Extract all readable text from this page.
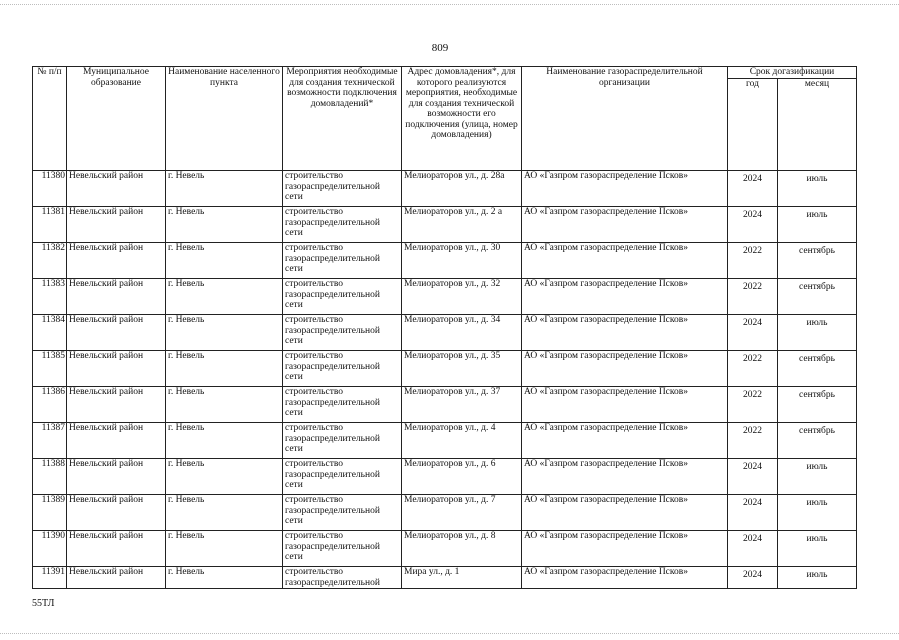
809
№ п/п	Муниципальное образование	Наименование населенного пункта	Мероприятия необходимые для создания технической возможности подключения домовладений*	Адрес домовладения*, для которого реализуются мероприятия, необходимые для создания технической возможности его подключения (улица, номер домовладения)	Наименование газораспределительной организации	Срок догазификации	
						год	месяц
11380	Невельский район	г. Невель	строительство газораспределительной сети	Мелиораторов ул., д. 28а	АО «Газпром газораспределение Псков»	2024	июль
11381	Невельский район	г. Невель	строительство газораспределительной сети	Мелиораторов ул., д. 2 а	АО «Газпром газораспределение Псков»	2024	июль
11382	Невельский район	г. Невель	строительство газораспределительной сети	Мелиораторов ул., д. 30	АО «Газпром газораспределение Псков»	2022	сентябрь
11383	Невельский район	г. Невель	строительство газораспределительной сети	Мелиораторов ул., д. 32	АО «Газпром газораспределение Псков»	2022	сентябрь
11384	Невельский район	г. Невель	строительство газораспределительной сети	Мелиораторов ул., д. 34	АО «Газпром газораспределение Псков»	2024	июль
11385	Невельский район	г. Невель	строительство газораспределительной сети	Мелиораторов ул., д. 35	АО «Газпром газораспределение Псков»	2022	сентябрь
11386	Невельский район	г. Невель	строительство газораспределительной сети	Мелиораторов ул., д. 37	АО «Газпром газораспределение Псков»	2022	сентябрь
11387	Невельский район	г. Невель	строительство газораспределительной сети	Мелиораторов ул., д. 4	АО «Газпром газораспределение Псков»	2022	сентябрь
11388	Невельский район	г. Невель	строительство газораспределительной сети	Мелиораторов ул., д. 6	АО «Газпром газораспределение Псков»	2024	июль
11389	Невельский район	г. Невель	строительство газораспределительной сети	Мелиораторов ул., д. 7	АО «Газпром газораспределение Псков»	2024	июль
11390	Невельский район	г. Невель	строительство газораспределительной сети	Мелиораторов ул., д. 8	АО «Газпром газораспределение Псков»	2024	июль
11391	Невельский район	г. Невель	строительство газораспределительной	Мира ул., д. 1	АО «Газпром газораспределение Псков»	2024	июль
55ТЛ
